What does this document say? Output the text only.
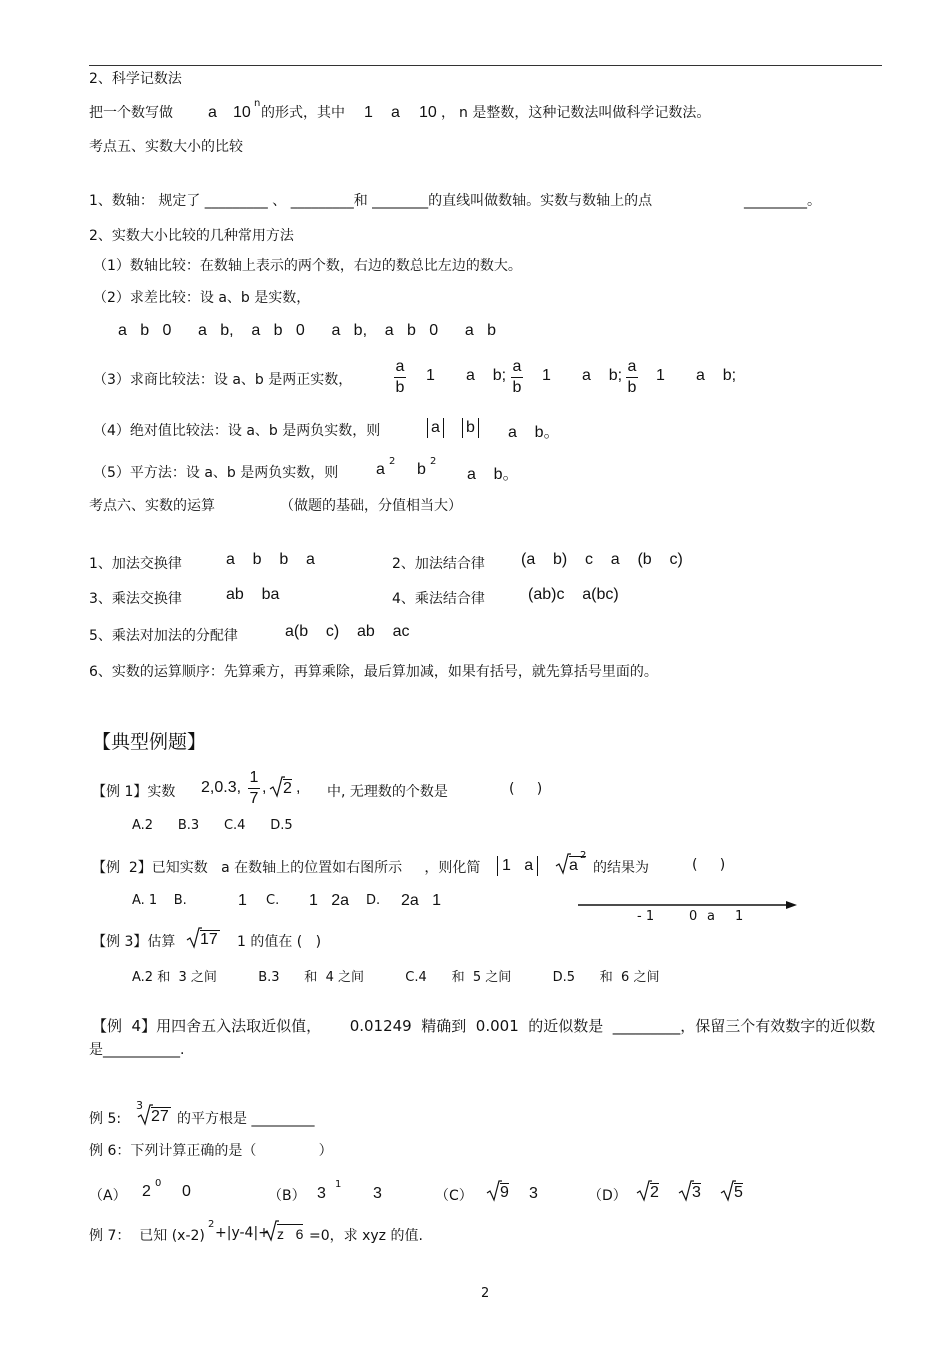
2、科学记数法
把一个数写做 a 10
n
的形式，其中 1 a 10 ， n 是整数，这种记数法叫做科学记数法。
考点五、实数大小的比较
1、数轴： 规定了 _________ 、 _________和 ________的直线叫做数轴。实数与数轴上的点	_________。
2、实数大小比较的几种常用方法
（1）数轴比较：在数轴上表示的两个数，右边的数总比左边的数大。
（2）求差比较：设 a、b 是实数，
a   b   0      a   b,    a   b   0      a   b,    a   b   0      a   b
（3）求商比较法：设 a、b 是两正实数，
a
b
1       a    b;
a
b
1       a    b;
a
b
1       a    b;
（4）绝对值比较法：设 a、b 是两负实数，则	a b a    b。
（5）平方法：设 a、b 是两负实数，则 a 2 b 2
a    b。
考点六、实数的运算	（做题的基础，分值相当大）
1、加法交换律	a    b    b    a	2、加法结合律 (a    b)    c    a    (b    c)
3、乘法交换律	ab    ba	4、乘法结合律	(ab)c    a(bc)
5、乘法对加法的分配律	a(b    c)    ab    ac
6、实数的运算顺序：先算乘方，再算乘除，最后算加减，如果有括号，就先算括号里面的。
【典型例题】
【例 1】实数 2,0.3,
1
7
, 2 , 中, 无理数的个数是	(     )
A.2      B.3      C.4      D.5
【例  2】已知实数   a 在数轴上的位置如右图所示     ，则化简	1   a	a
2
的结果为	(     )
A. 1    B.	1 C. 1   2a D. 2a   1
- 1	0 a 1
【例 3】估算 17 1 的值在 (   )
A.2 和  3 之间          B.3      和  4 之间          C.4      和  5 之间          D.5      和  6 之间
【例  4】用四舍五入法取近似值，      0.01249  精确到  0.001  的近似数是  _________，保留三个有效数字的近似数
是___________.
例 5:
3
27 的平方根是 _________
例 6：下列计算正确的是（              ）
（A） 2 0 0	（B） 3
1
3	（C） 9 3	（D） 2 3 5
例 7：  已知 (x-2)
2
+|y-4|+ z   6 =0，求 xyz 的值.
2
